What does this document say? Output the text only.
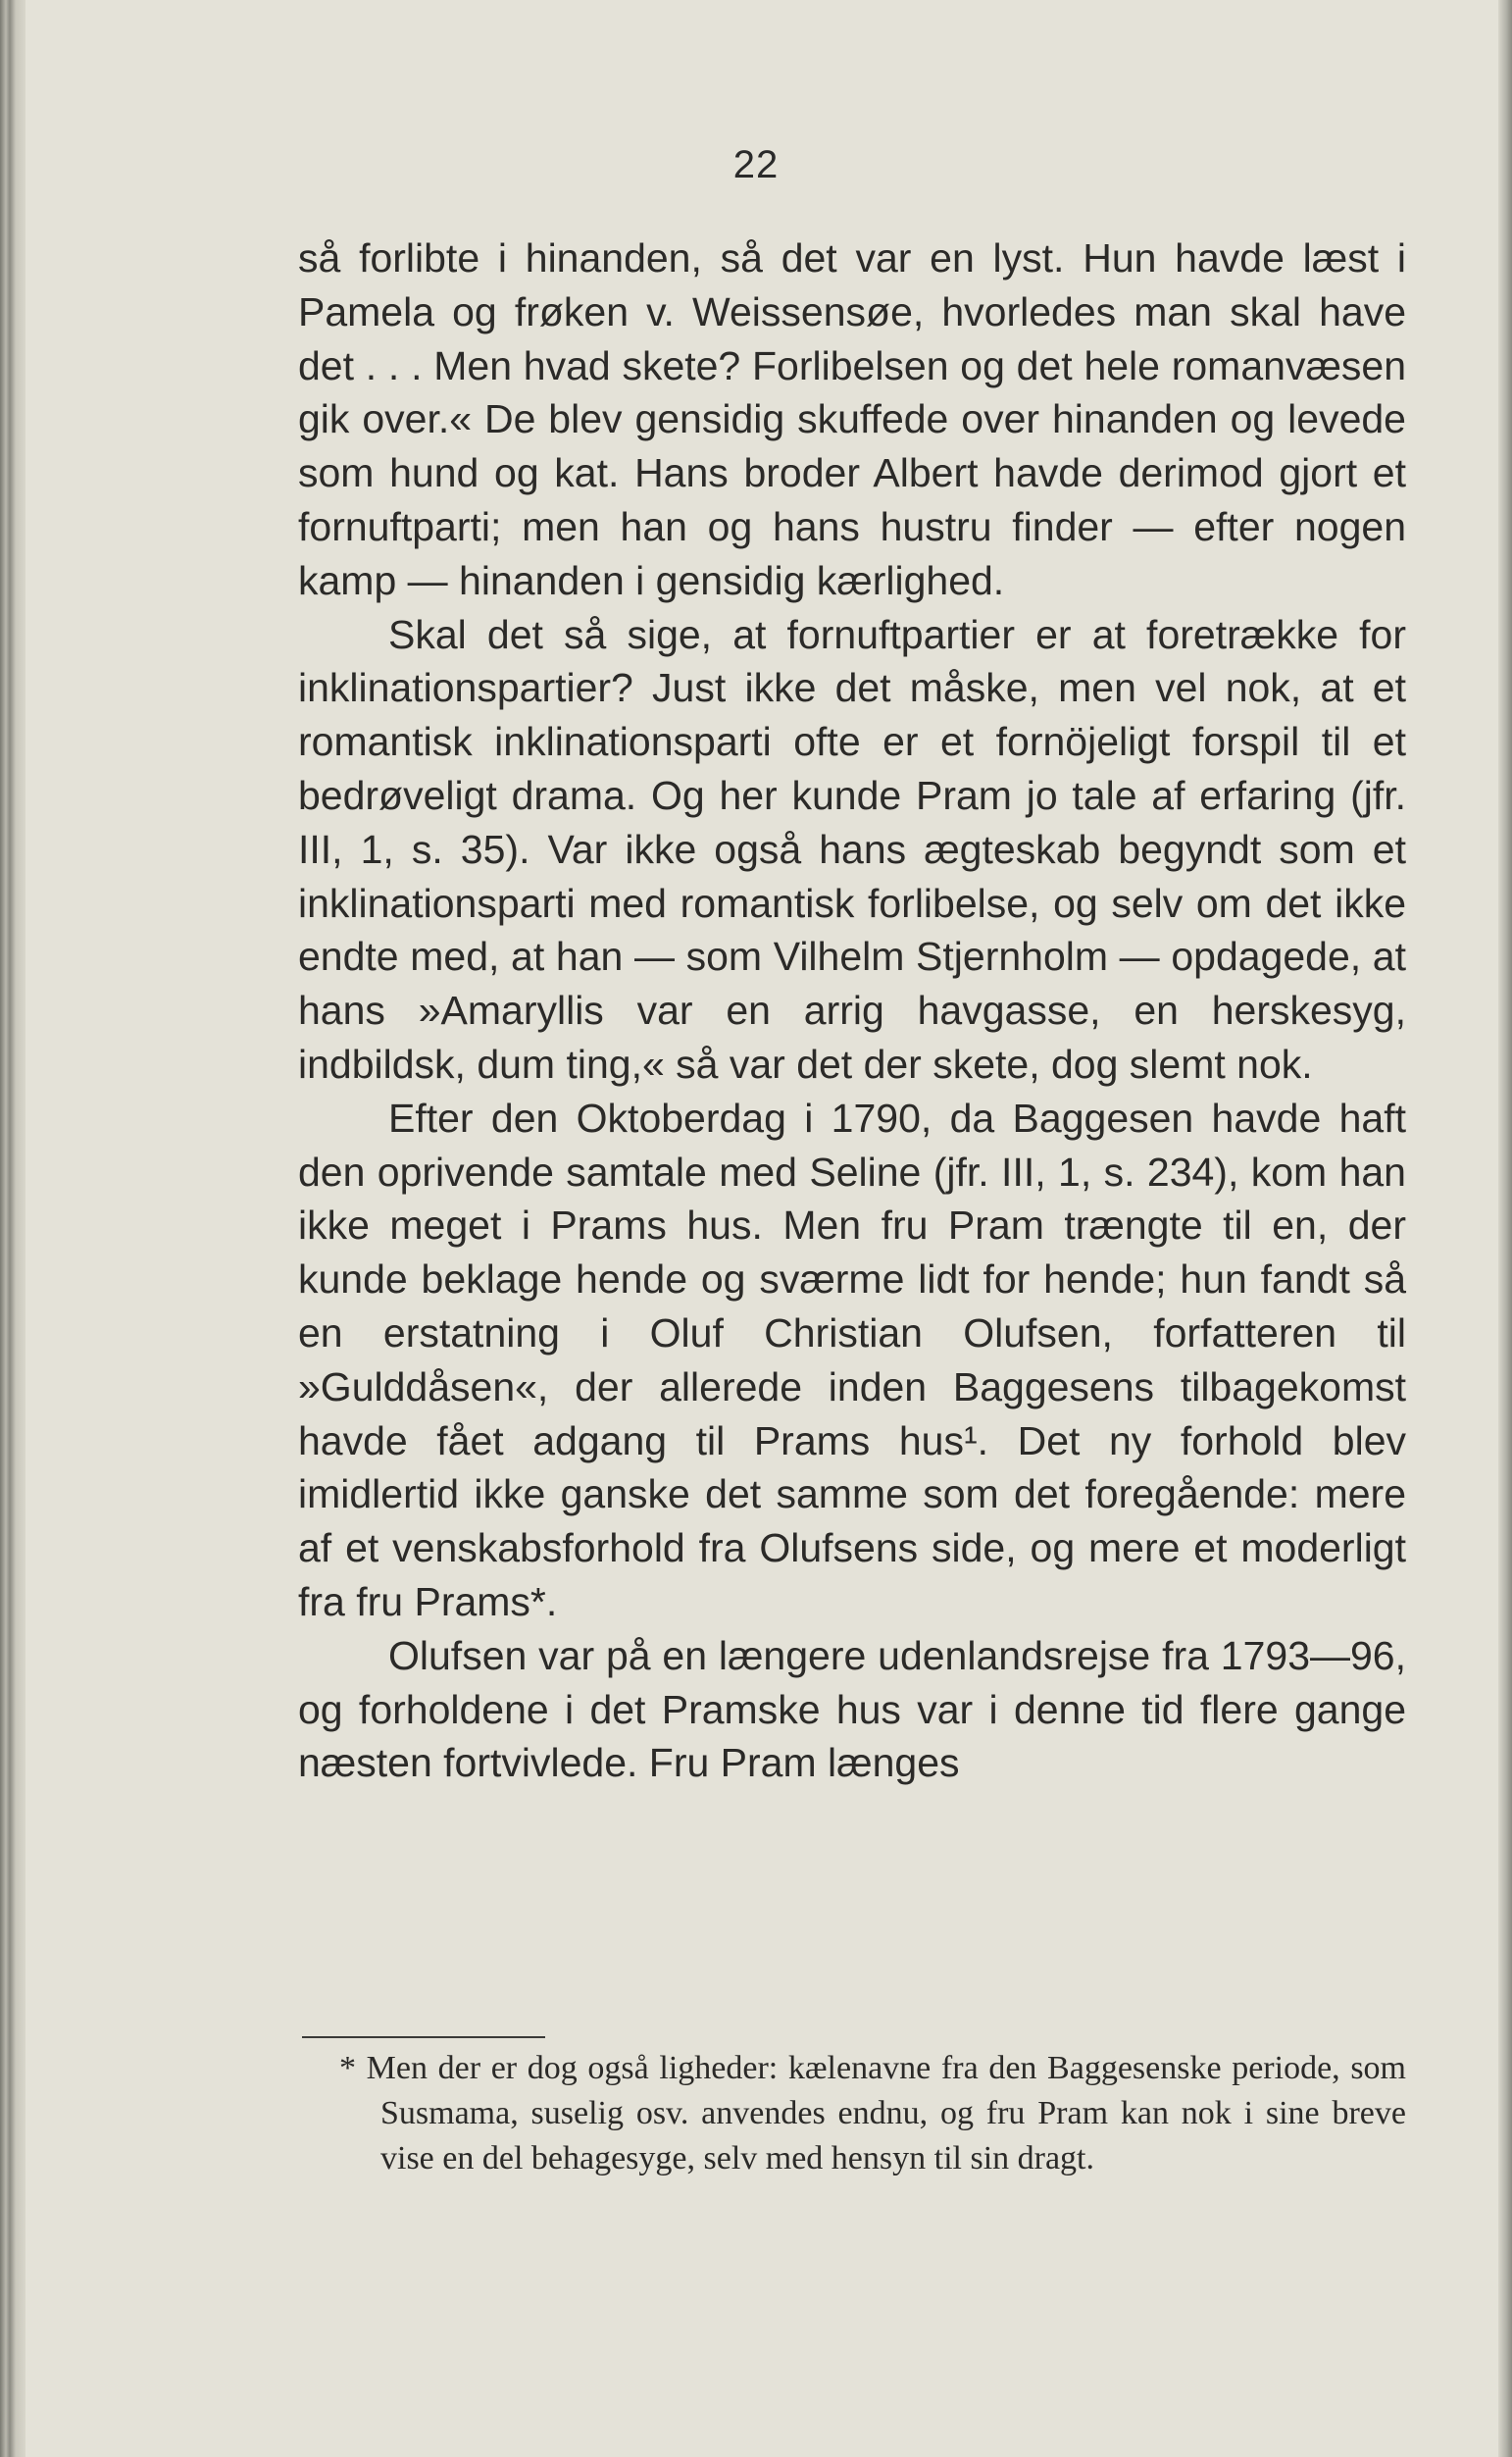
22

så forlibte i hinanden, så det var en lyst. Hun havde læst i Pamela og frøken v. Weissensøe, hvorledes man skal have det . . . Men hvad skete? Forlibelsen og det hele romanvæsen gik over.« De blev gensidig skuffede over hinanden og levede som hund og kat. Hans broder Albert havde derimod gjort et fornuftparti; men han og hans hustru finder — efter nogen kamp — hinanden i gensidig kærlighed.

Skal det så sige, at fornuftpartier er at foretrække for inklinationspartier? Just ikke det måske, men vel nok, at et romantisk inklinationsparti ofte er et fornöjeligt forspil til et bedrøveligt drama. Og her kunde Pram jo tale af erfaring (jfr. III, 1, s. 35). Var ikke også hans ægteskab begyndt som et inklinationsparti med romantisk forlibelse, og selv om det ikke endte med, at han — som Vilhelm Stjernholm — opdagede, at hans »Amaryllis var en arrig havgasse, en herskesyg, indbildsk, dum ting,« så var det der skete, dog slemt nok.

Efter den Oktoberdag i 1790, da Baggesen havde haft den oprivende samtale med Seline (jfr. III, 1, s. 234), kom han ikke meget i Prams hus. Men fru Pram trængte til en, der kunde beklage hende og sværme lidt for hende; hun fandt så en erstatning i Oluf Christian Olufsen, forfatteren til »Gulddåsen«, der allerede inden Baggesens tilbagekomst havde fået adgang til Prams hus¹. Det ny forhold blev imidlertid ikke ganske det samme som det foregående: mere af et venskabsforhold fra Olufsens side, og mere et moderligt fra fru Prams*.

Olufsen var på en længere udenlandsrejse fra 1793—96, og forholdene i det Pramske hus var i denne tid flere gange næsten fortvivlede. Fru Pram længes

* Men der er dog også ligheder: kælenavne fra den Baggesenske periode, som Susmama, suselig osv. anvendes endnu, og fru Pram kan nok i sine breve vise en del behagesyge, selv med hensyn til sin dragt.
